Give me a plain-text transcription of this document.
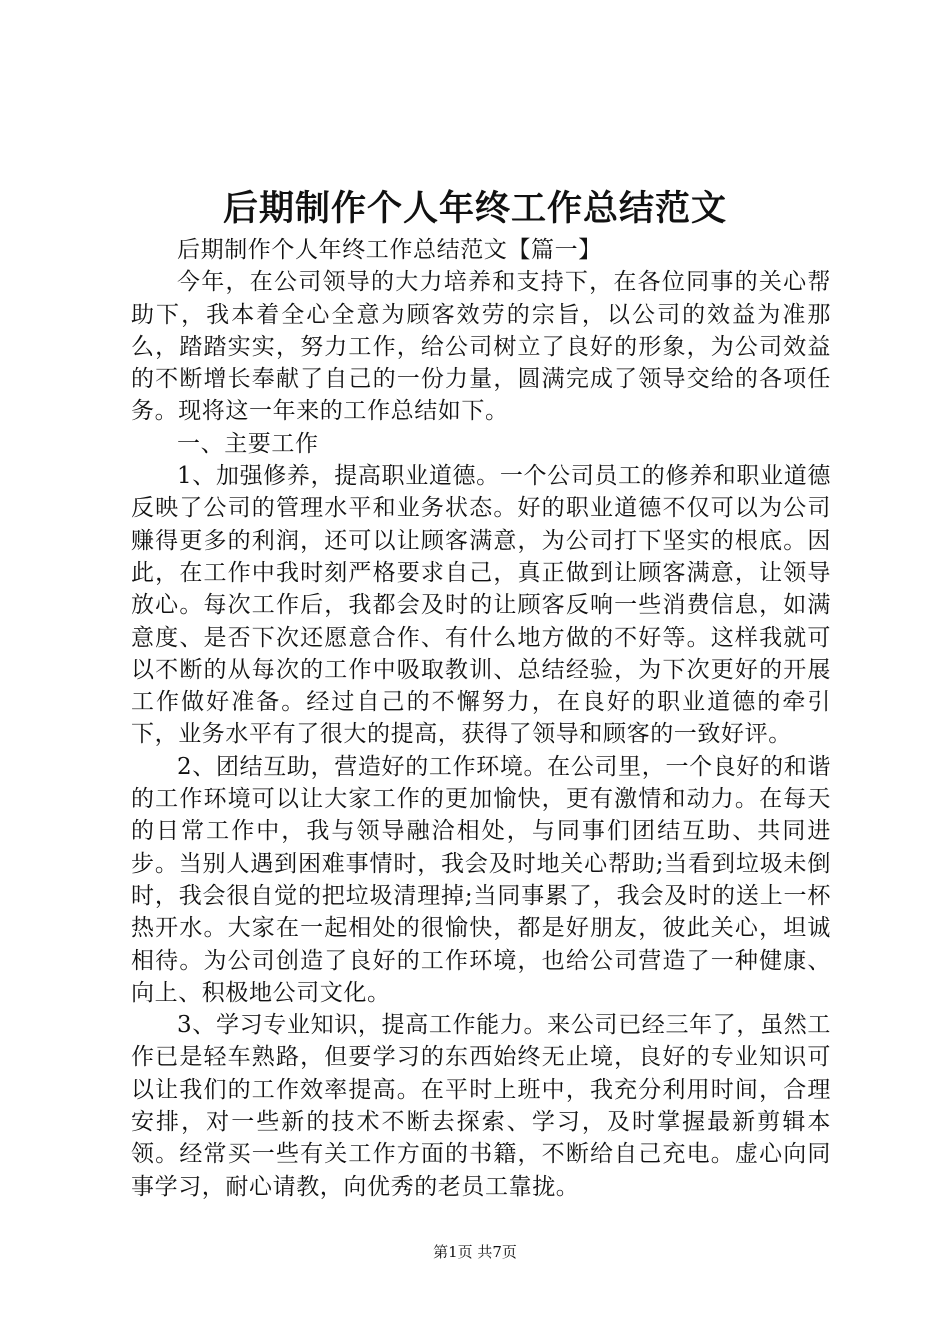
后期制作个人年终工作总结范文

后期制作个人年终工作总结范文【篇一】

今年，在公司领导的大力培养和支持下，在各位同事的关心帮助下，我本着全心全意为顾客效劳的宗旨，以公司的效益为准那么，踏踏实实，努力工作，给公司树立了良好的形象，为公司效益的不断增长奉献了自己的一份力量，圆满完成了领导交给的各项任务。现将这一年来的工作总结如下。

一、主要工作

1、加强修养，提高职业道德。一个公司员工的修养和职业道德反映了公司的管理水平和业务状态。好的职业道德不仅可以为公司赚得更多的利润，还可以让顾客满意，为公司打下坚实的根底。因此，在工作中我时刻严格要求自己，真正做到让顾客满意，让领导放心。每次工作后，我都会及时的让顾客反响一些消费信息，如满意度、是否下次还愿意合作、有什么地方做的不好等。这样我就可以不断的从每次的工作中吸取教训、总结经验，为下次更好的开展工作做好准备。经过自己的不懈努力，在良好的职业道德的牵引下，业务水平有了很大的提高，获得了领导和顾客的一致好评。

2、团结互助，营造好的工作环境。在公司里，一个良好的和谐的工作环境可以让大家工作的更加愉快，更有激情和动力。在每天的日常工作中，我与领导融洽相处，与同事们团结互助、共同进步。当别人遇到困难事情时，我会及时地关心帮助;当看到垃圾未倒时，我会很自觉的把垃圾清理掉;当同事累了，我会及时的送上一杯热开水。大家在一起相处的很愉快，都是好朋友，彼此关心，坦诚相待。为公司创造了良好的工作环境，也给公司营造了一种健康、向上、积极地公司文化。

3、学习专业知识，提高工作能力。来公司已经三年了，虽然工作已是轻车熟路，但要学习的东西始终无止境，良好的专业知识可以让我们的工作效率提高。在平时上班中，我充分利用时间，合理安排，对一些新的技术不断去探索、学习，及时掌握最新剪辑本领。经常买一些有关工作方面的书籍，不断给自己充电。虚心向同事学习，耐心请教，向优秀的老员工靠拢。

第1页 共7页
